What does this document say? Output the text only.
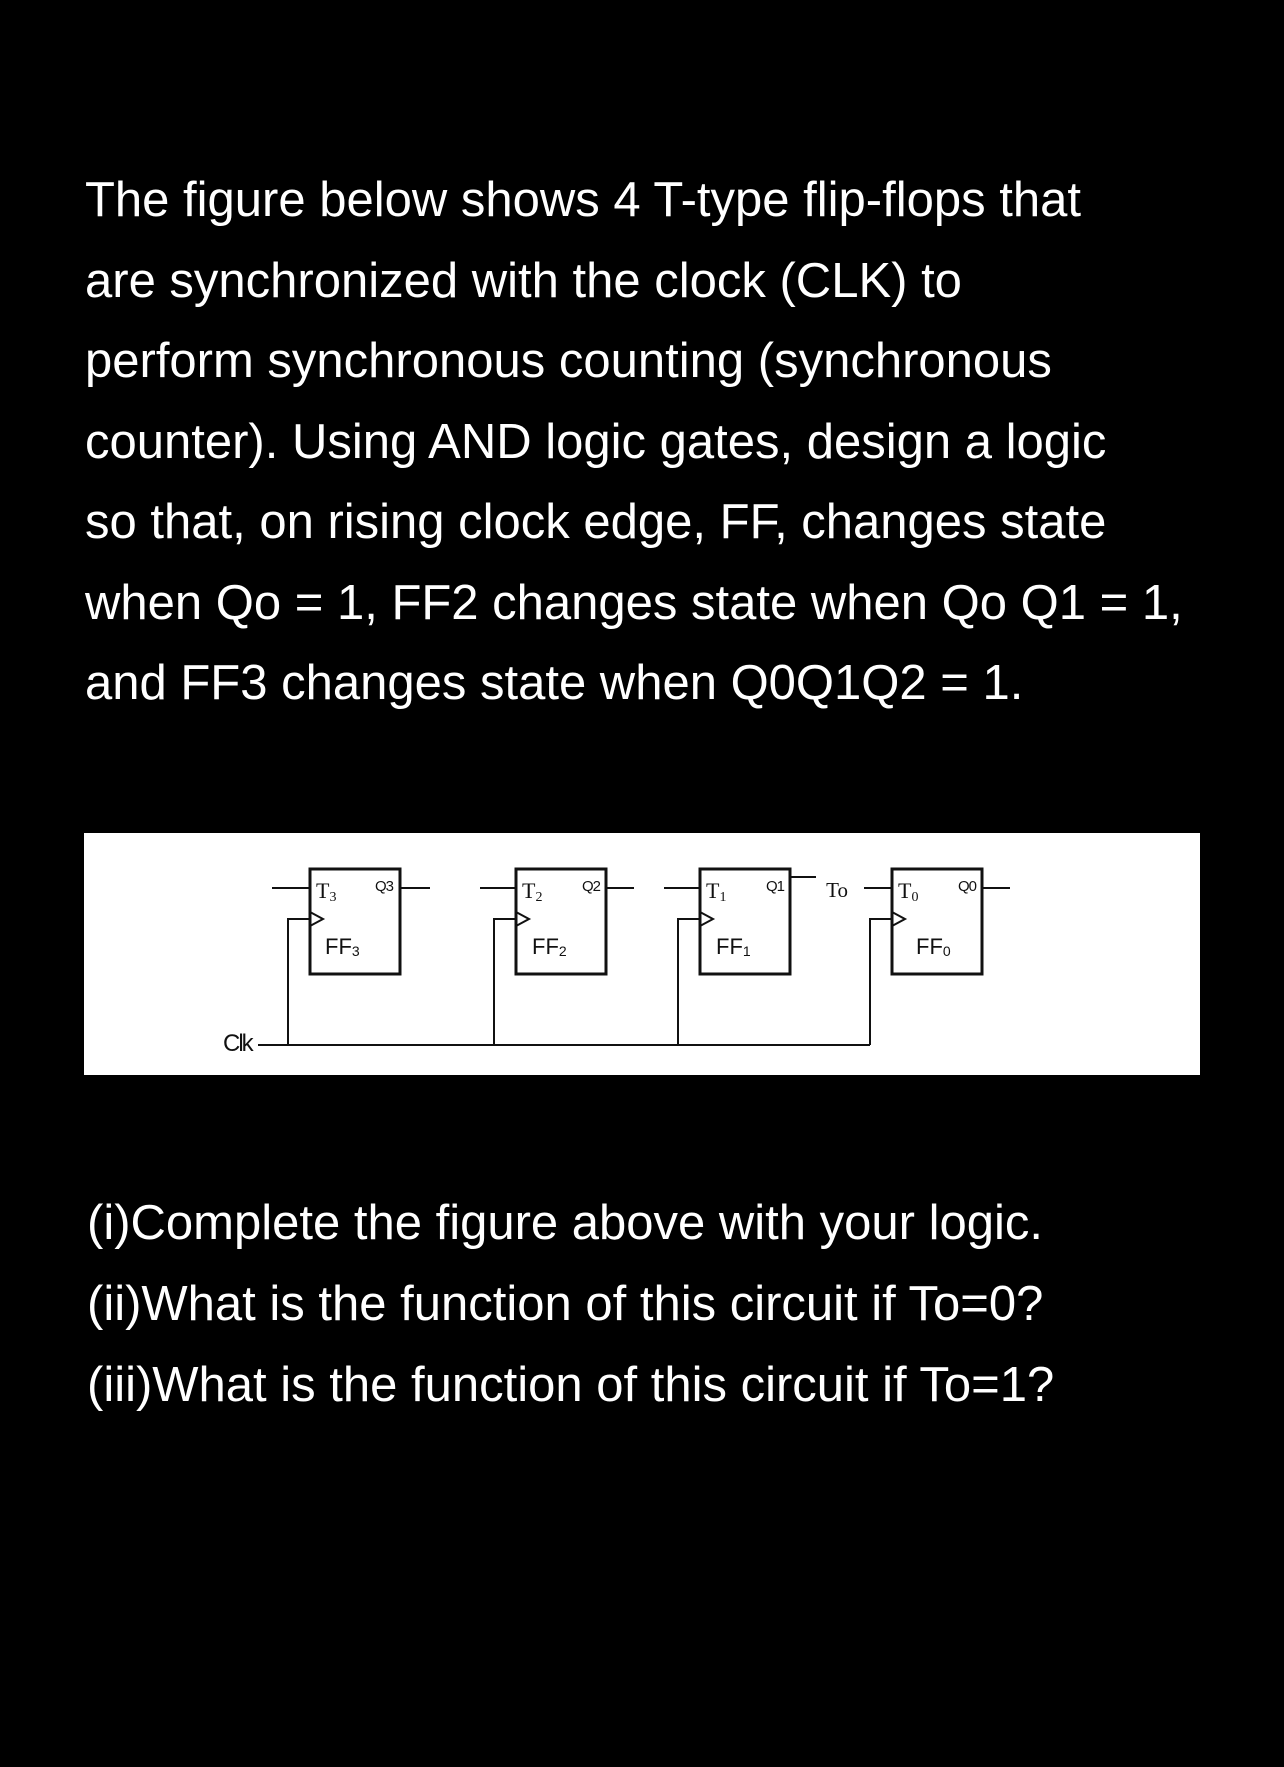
The figure below shows 4 T-type flip-flops that
are synchronized with the clock (CLK) to
perform synchronous counting (synchronous
counter). Using AND logic gates, design a logic
so that, on rising clock edge, FF, changes state
when Qo = 1, FF2 changes state when Qo Q1 = 1,
and FF3 changes state when Q0Q1Q2 = 1.
Clk
T3
Q3
FF3
T2
Q2
FF2
T1
Q1
FF1
To T0
Q0
FF0
(i)Complete the figure above with your logic.
(ii)What is the function of this circuit if To=0?
(iii)What is the function of this circuit if To=1?
